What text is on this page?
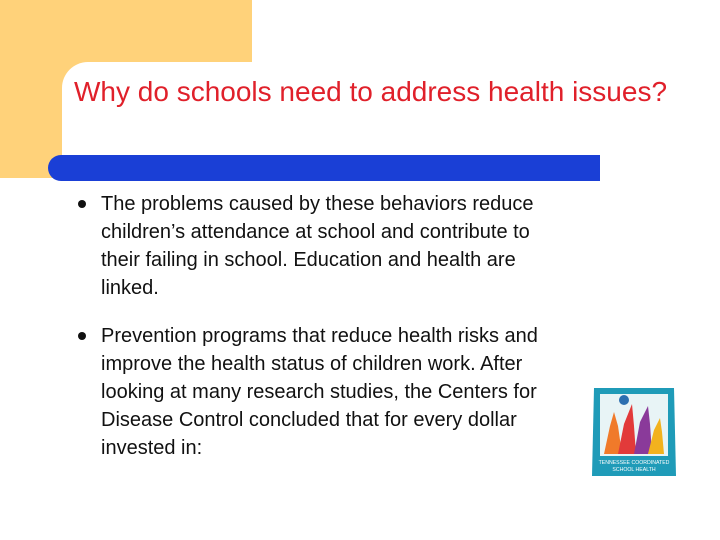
Why do schools need to address health issues?
The problems caused by these behaviors reduce children’s attendance at school and contribute to their failing in school. Education and health are linked.
Prevention programs that reduce health risks and improve the health status of children work. After looking at many research studies, the Centers for Disease Control concluded that for every dollar invested in:
TENNESSEE COORDINATED
SCHOOL HEALTH
